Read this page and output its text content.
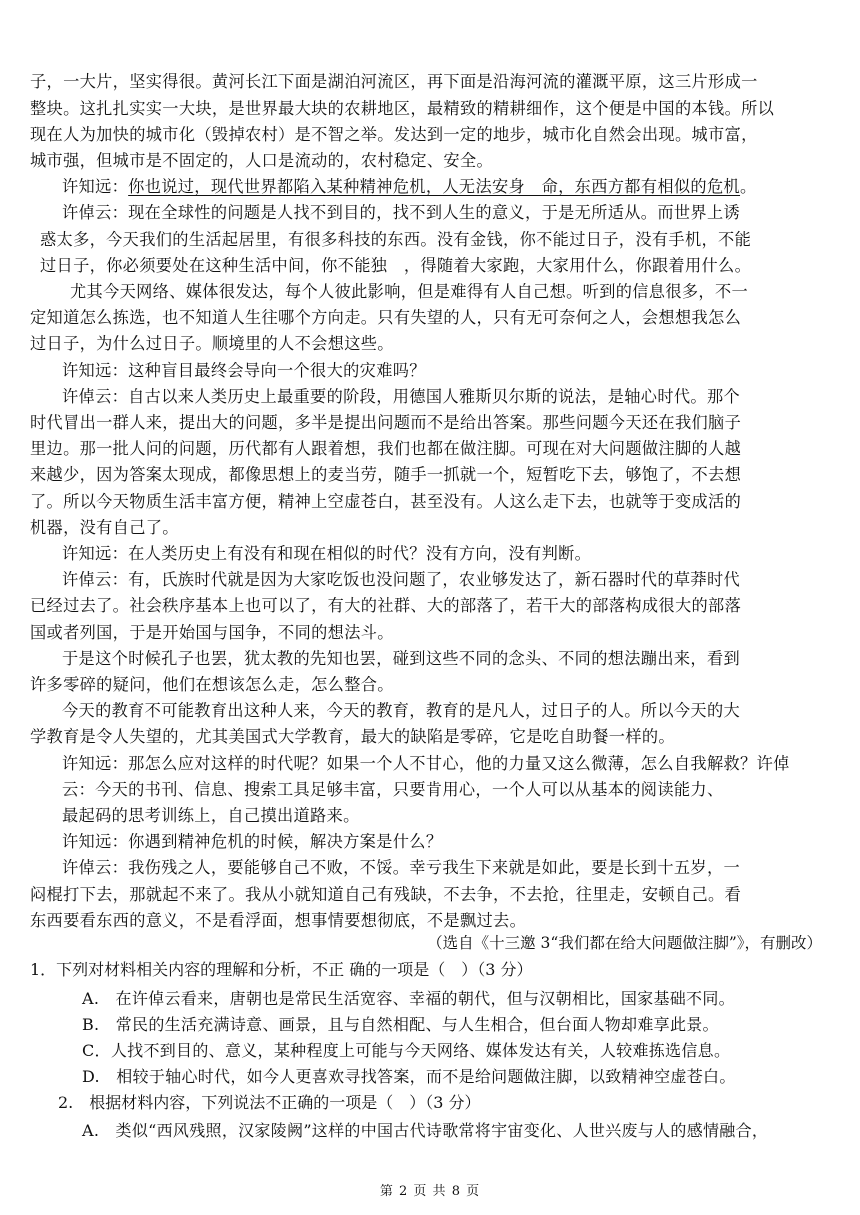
子，一大片，坚实得很。黄河长江下面是湖泊河流区，再下面是沿海河流的灌溉平原，这三片形成一
整块。这扎扎实实一大块，是世界最大块的农耕地区，最精致的精耕细作，这个便是中国的本钱。所以
现在人为加快的城市化（毁掉农村）是不智之举。发达到一定的地步，城市化自然会出现。城市富，
城市强，但城市是不固定的，人口是流动的，农村稳定、安全。
许知远：你也说过，现代世界都陷入某种精神危机，人无法安身　命，东西方都有相似的危机。
许倬云：现在全球性的问题是人找不到目的，找不到人生的意义，于是无所适从。而世界上诱
惑太多，今天我们的生活起居里，有很多科技的东西。没有金钱，你不能过日子，没有手机，不能
过日子，你必须要处在这种生活中间，你不能独　，得随着大家跑，大家用什么，你跟着用什么。
尤其今天网络、媒体很发达，每个人彼此影响，但是难得有人自己想。听到的信息很多，不一
定知道怎么拣选，也不知道人生往哪个方向走。只有失望的人，只有无可奈何之人，会想想我怎么
过日子，为什么过日子。顺境里的人不会想这些。
许知远：这种盲目最终会导向一个很大的灾难吗？
许倬云：自古以来人类历史上最重要的阶段，用德国人雅斯贝尔斯的说法，是轴心时代。那个
时代冒出一群人来，提出大的问题，多半是提出问题而不是给出答案。那些问题今天还在我们脑子
里边。那一批人问的问题，历代都有人跟着想，我们也都在做注脚。可现在对大问题做注脚的人越
来越少，因为答案太现成，都像思想上的麦当劳，随手一抓就一个，短暂吃下去，够饱了，不去想
了。所以今天物质生活丰富方便，精神上空虚苍白，甚至没有。人这么走下去，也就等于变成活的
机器，没有自己了。
许知远：在人类历史上有没有和现在相似的时代？没有方向，没有判断。
许倬云：有，氏族时代就是因为大家吃饭也没问题了，农业够发达了，新石器时代的草莽时代
已经过去了。社会秩序基本上也可以了，有大的社群、大的部落了，若干大的部落构成很大的部落
国或者列国，于是开始国与国争，不同的想法斗。
于是这个时候孔子也罢，犹太教的先知也罢，碰到这些不同的念头、不同的想法蹦出来，看到
许多零碎的疑问，他们在想该怎么走，怎么整合。
今天的教育不可能教育出这种人来，今天的教育，教育的是凡人，过日子的人。所以今天的大
学教育是令人失望的，尤其美国式大学教育，最大的缺陷是零碎，它是吃自助餐一样的。
许知远：那怎么应对这样的时代呢？如果一个人不甘心，他的力量又这么微薄，怎么自我解救？许倬
云：今天的书刊、信息、搜索工具足够丰富，只要肯用心，一个人可以从基本的阅读能力、
最起码的思考训练上，自己摸出道路来。
许知远：你遇到精神危机的时候，解决方案是什么？
许倬云：我伤残之人，要能够自己不败，不馁。幸亏我生下来就是如此，要是长到十五岁，一
闷棍打下去，那就起不来了。我从小就知道自己有残缺，不去争，不去抢，往里走，安顿自己。看
东西要看东西的意义，不是看浮面，想事情要想彻底，不是飘过去。
（选自《十三邀 3“我们都在给大问题做注脚”》，有删改）
1．下列对材料相关内容的理解和分析，不正 确的一项是（　）（3 分）
A.　在许倬云看来，唐朝也是常民生活宽容、幸福的朝代，但与汉朝相比，国家基础不同。
B.　常民的生活充满诗意、画景，且与自然相配、与人生相合，但台面人物却难享此景。
C．人找不到目的、意义，某种程度上可能与今天网络、媒体发达有关，人较难拣选信息。
D.　相较于轴心时代，如今人更喜欢寻找答案，而不是给问题做注脚，以致精神空虚苍白。
2.　根据材料内容，下列说法不正确的一项是（　）（3 分）
A.　类似“西风残照，汉家陵阙”这样的中国古代诗歌常将宇宙变化、人世兴废与人的感情融合，
第 2 页 共 8 页
